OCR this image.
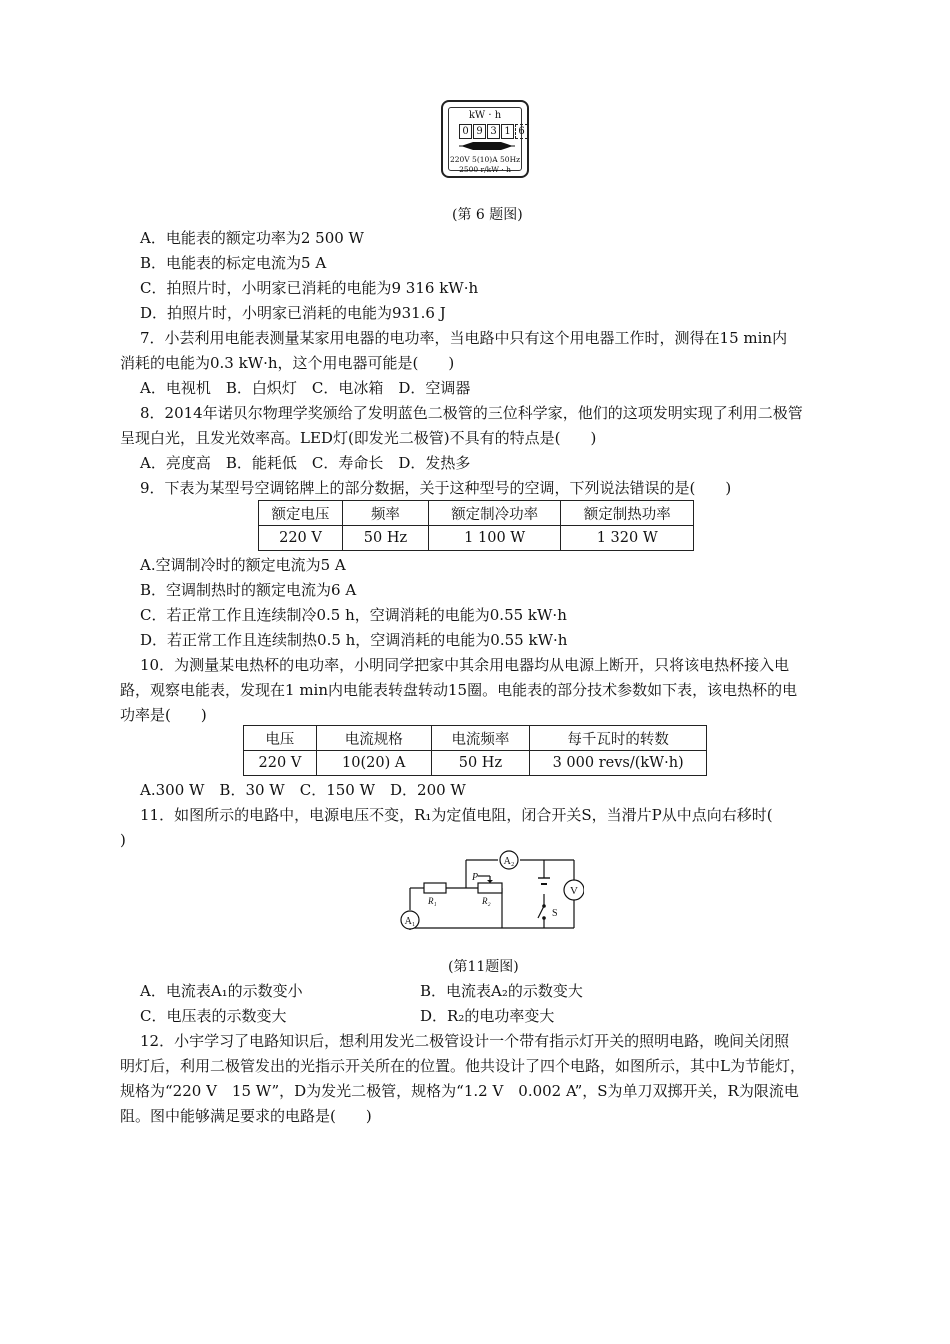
kW · h
0 9 3 1 6
220V 5(10)A 50Hz
2500 r/kW · h
(第 6 题图)
A．电能表的额定功率为2 500 W
B．电能表的标定电流为5 A
C．拍照片时，小明家已消耗的电能为9 316 kW·h
D．拍照片时，小明家已消耗的电能为931.6 J
7．小芸利用电能表测量某家用电器的电功率，当电路中只有这个用电器工作时，测得在15 min内
消耗的电能为0.3 kW·h，这个用电器可能是(　　)
A．电视机　B．白炽灯　C．电冰箱　D．空调器
8．2014年诺贝尔物理学奖颁给了发明蓝色二极管的三位科学家，他们的这项发明实现了利用二极管
呈现白光，且发光效率高。LED灯(即发光二极管)不具有的特点是(　　)
A．亮度高　B．能耗低　C．寿命长　D．发热多
9．下表为某型号空调铭牌上的部分数据，关于这种型号的空调，下列说法错误的是(　　)
额定电压	频率	额定制冷功率	额定制热功率
220 V	50 Hz	1 100 W	1 320 W
A.空调制冷时的额定电流为5 A
B．空调制热时的额定电流为6 A
C．若正常工作且连续制冷0.5 h，空调消耗的电能为0.55 kW·h
D．若正常工作且连续制热0.5 h，空调消耗的电能为0.55 kW·h
10．为测量某电热杯的电功率，小明同学把家中其余用电器均从电源上断开，只将该电热杯接入电
路，观察电能表，发现在1 min内电能表转盘转动15圈。电能表的部分技术参数如下表，该电热杯的电
功率是(　　)
电压	电流规格	电流频率	每千瓦时的转数
220 V	10(20) A	50 Hz	3 000 revs/(kW·h)
A.300 W　B．30 W　C．150 W　D．200 W
11．如图所示的电路中，电源电压不变，R₁为定值电阻，闭合开关S，当滑片P从中点向右移时(
)
A₂
A₁
V
P
R₁	R₂
S
(第11题图)
A．电流表A₁的示数变小	B．电流表A₂的示数变大
C．电压表的示数变大	D．R₂的电功率变大
12．小宇学习了电路知识后，想利用发光二极管设计一个带有指示灯开关的照明电路，晚间关闭照
明灯后，利用二极管发出的光指示开关所在的位置。他共设计了四个电路，如图所示，其中L为节能灯，
规格为“220 V　15 W”，D为发光二极管，规格为“1.2 V　0.002 A”，S为单刀双掷开关，R为限流电
阻。图中能够满足要求的电路是(　　)
